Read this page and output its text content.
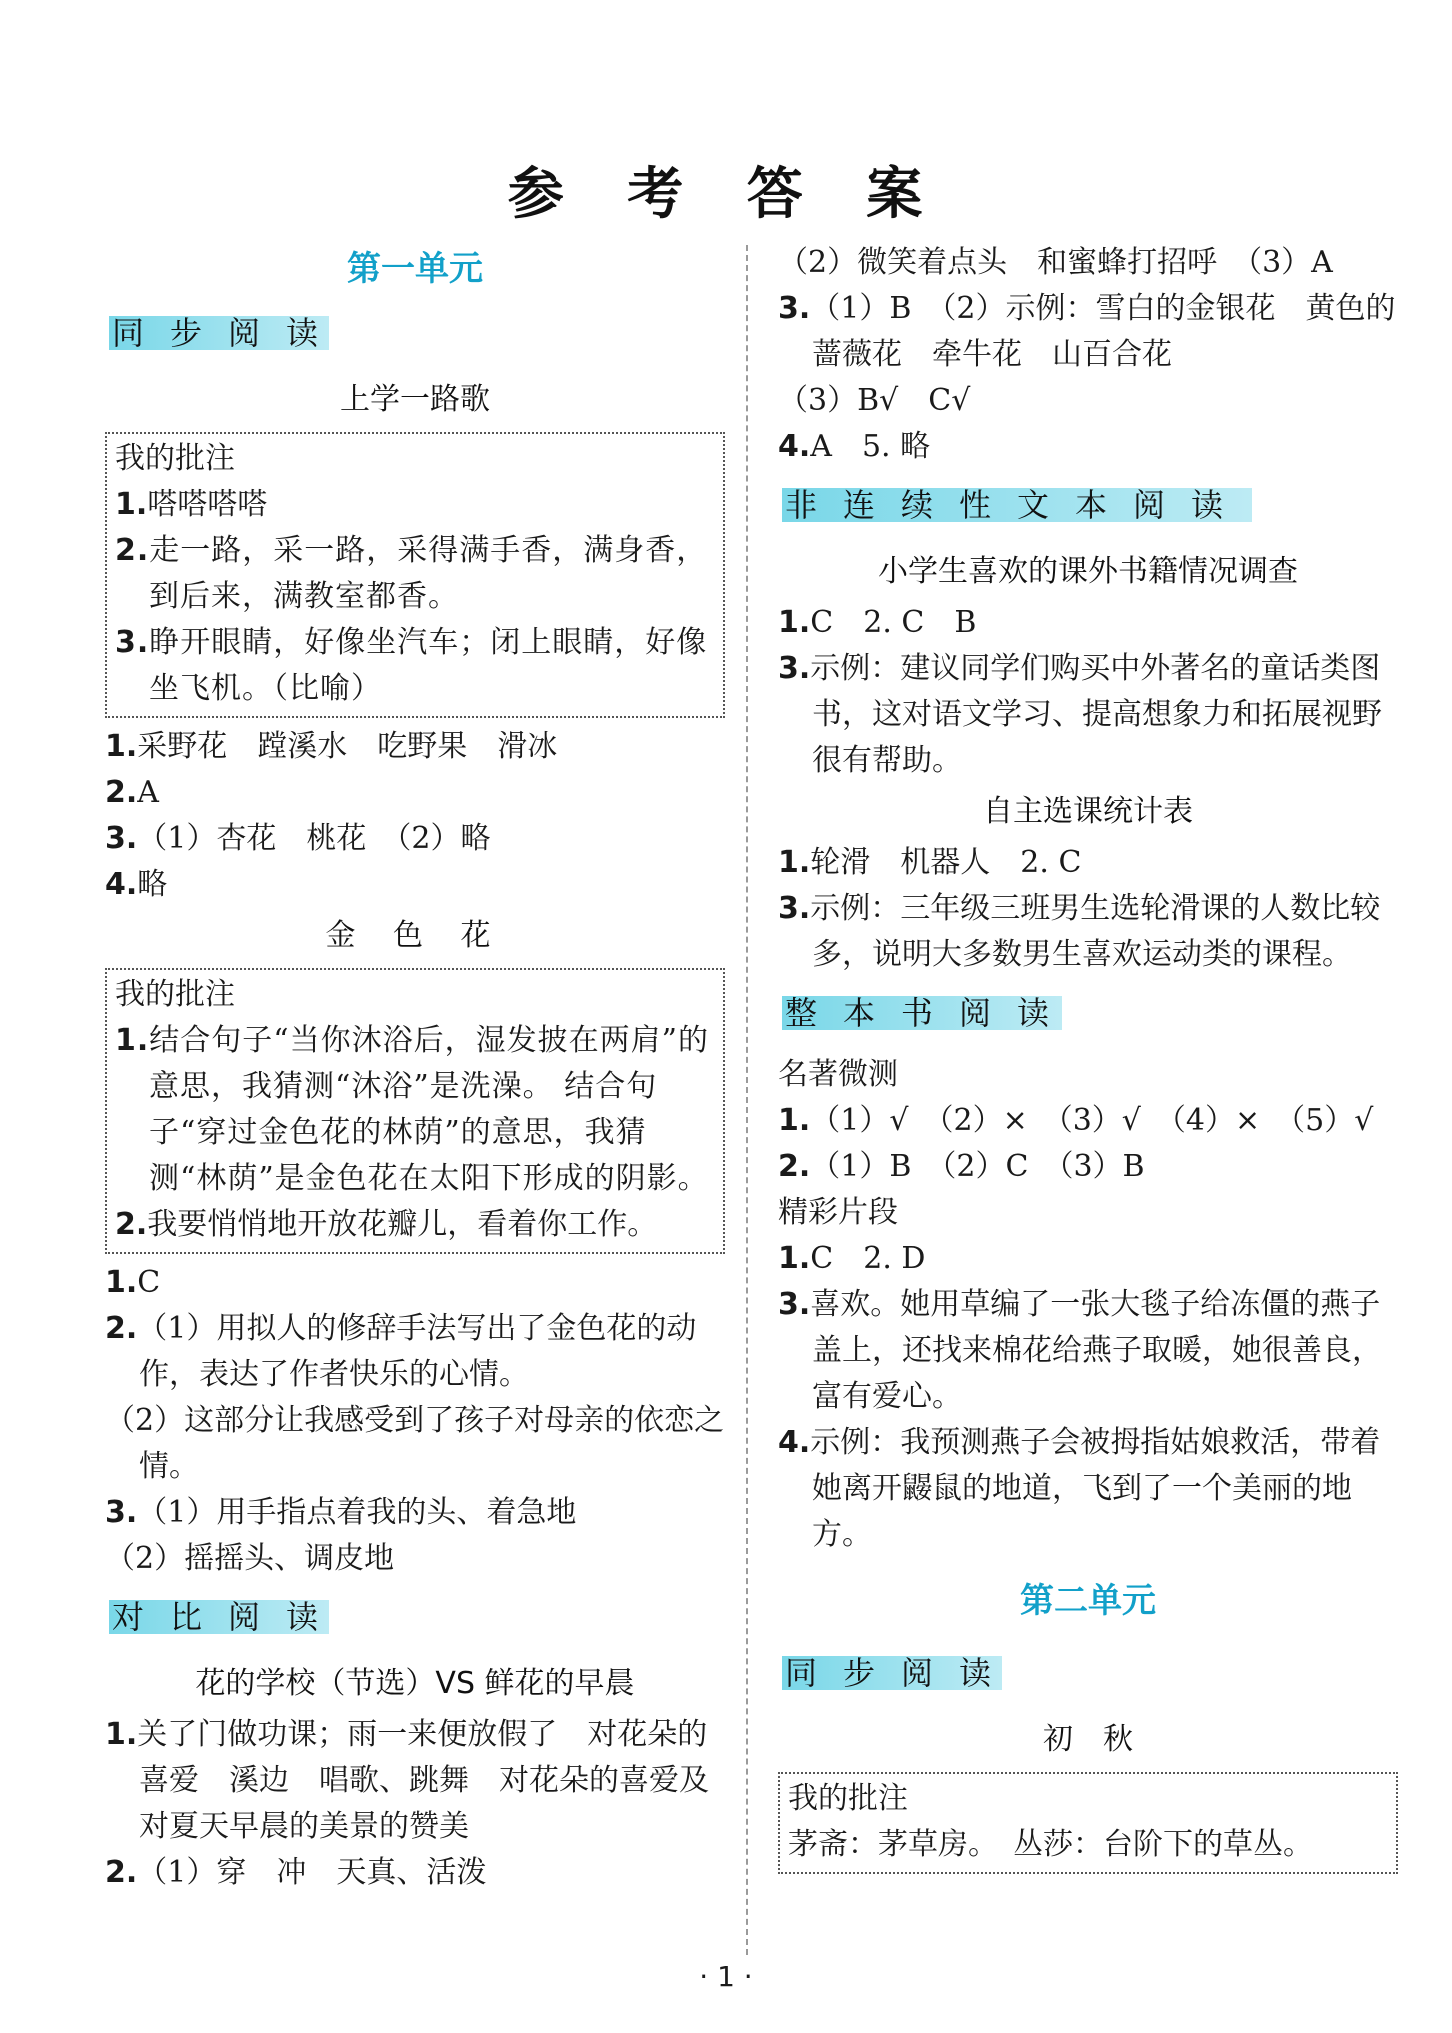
参 考 答 案
第一单元
同 步 阅 读
上学一路歌
我的批注
1.嗒嗒嗒嗒
2.走一路，采一路，采得满手香，满身香，到后来，满教室都香。
3.睁开眼睛，好像坐汽车；闭上眼睛，好像坐飞机。（比喻）
1.采野花　蹚溪水　吃野果　滑冰
2.A
3.（1）杏花　桃花　（2）略
4.略
金 色 花
我的批注
1.结合句子“当你沐浴后，湿发披在两肩”的意思，我猜测“沐浴”是洗澡。 结合句子“穿过金色花的林荫”的意思，我猜测“林荫”是金色花在太阳下形成的阴影。
2.我要悄悄地开放花瓣儿，看着你工作。
1.C
2.（1）用拟人的修辞手法写出了金色花的动作，表达了作者快乐的心情。
（2）这部分让我感受到了孩子对母亲的依恋之情。
3.（1）用手指点着我的头、着急地
（2）摇摇头、调皮地
对 比 阅 读
花的学校（节选）VS 鲜花的早晨
1.关了门做功课；雨一来便放假了　对花朵的喜爱　溪边　唱歌、跳舞　对花朵的喜爱及对夏天早晨的美景的赞美
2.（1）穿　冲　天真、活泼
（2）微笑着点头　和蜜蜂打招呼　（3）A
3.（1）B　（2）示例：雪白的金银花　黄色的蔷薇花　牵牛花　山百合花
（3）B√　C√
4.A　5. 略
非 连 续 性 文 本 阅 读
小学生喜欢的课外书籍情况调查
1.C　2. C　B
3.示例：建议同学们购买中外著名的童话类图书，这对语文学习、提高想象力和拓展视野很有帮助。
自主选课统计表
1.轮滑　机器人　2. C
3.示例：三年级三班男生选轮滑课的人数比较多，说明大多数男生喜欢运动类的课程。
整 本 书 阅 读
名著微测
1.（1）√　（2）×　（3）√　（4）×　（5）√
2.（1）B　（2）C　（3）B
精彩片段
1.C　2. D
3.喜欢。她用草编了一张大毯子给冻僵的燕子盖上，还找来棉花给燕子取暖，她很善良，富有爱心。
4.示例：我预测燕子会被拇指姑娘救活，带着她离开鼹鼠的地道，飞到了一个美丽的地方。
第二单元
同 步 阅 读
初　秋
我的批注
茅斋：茅草房。　丛莎：台阶下的草丛。
· 1 ·
